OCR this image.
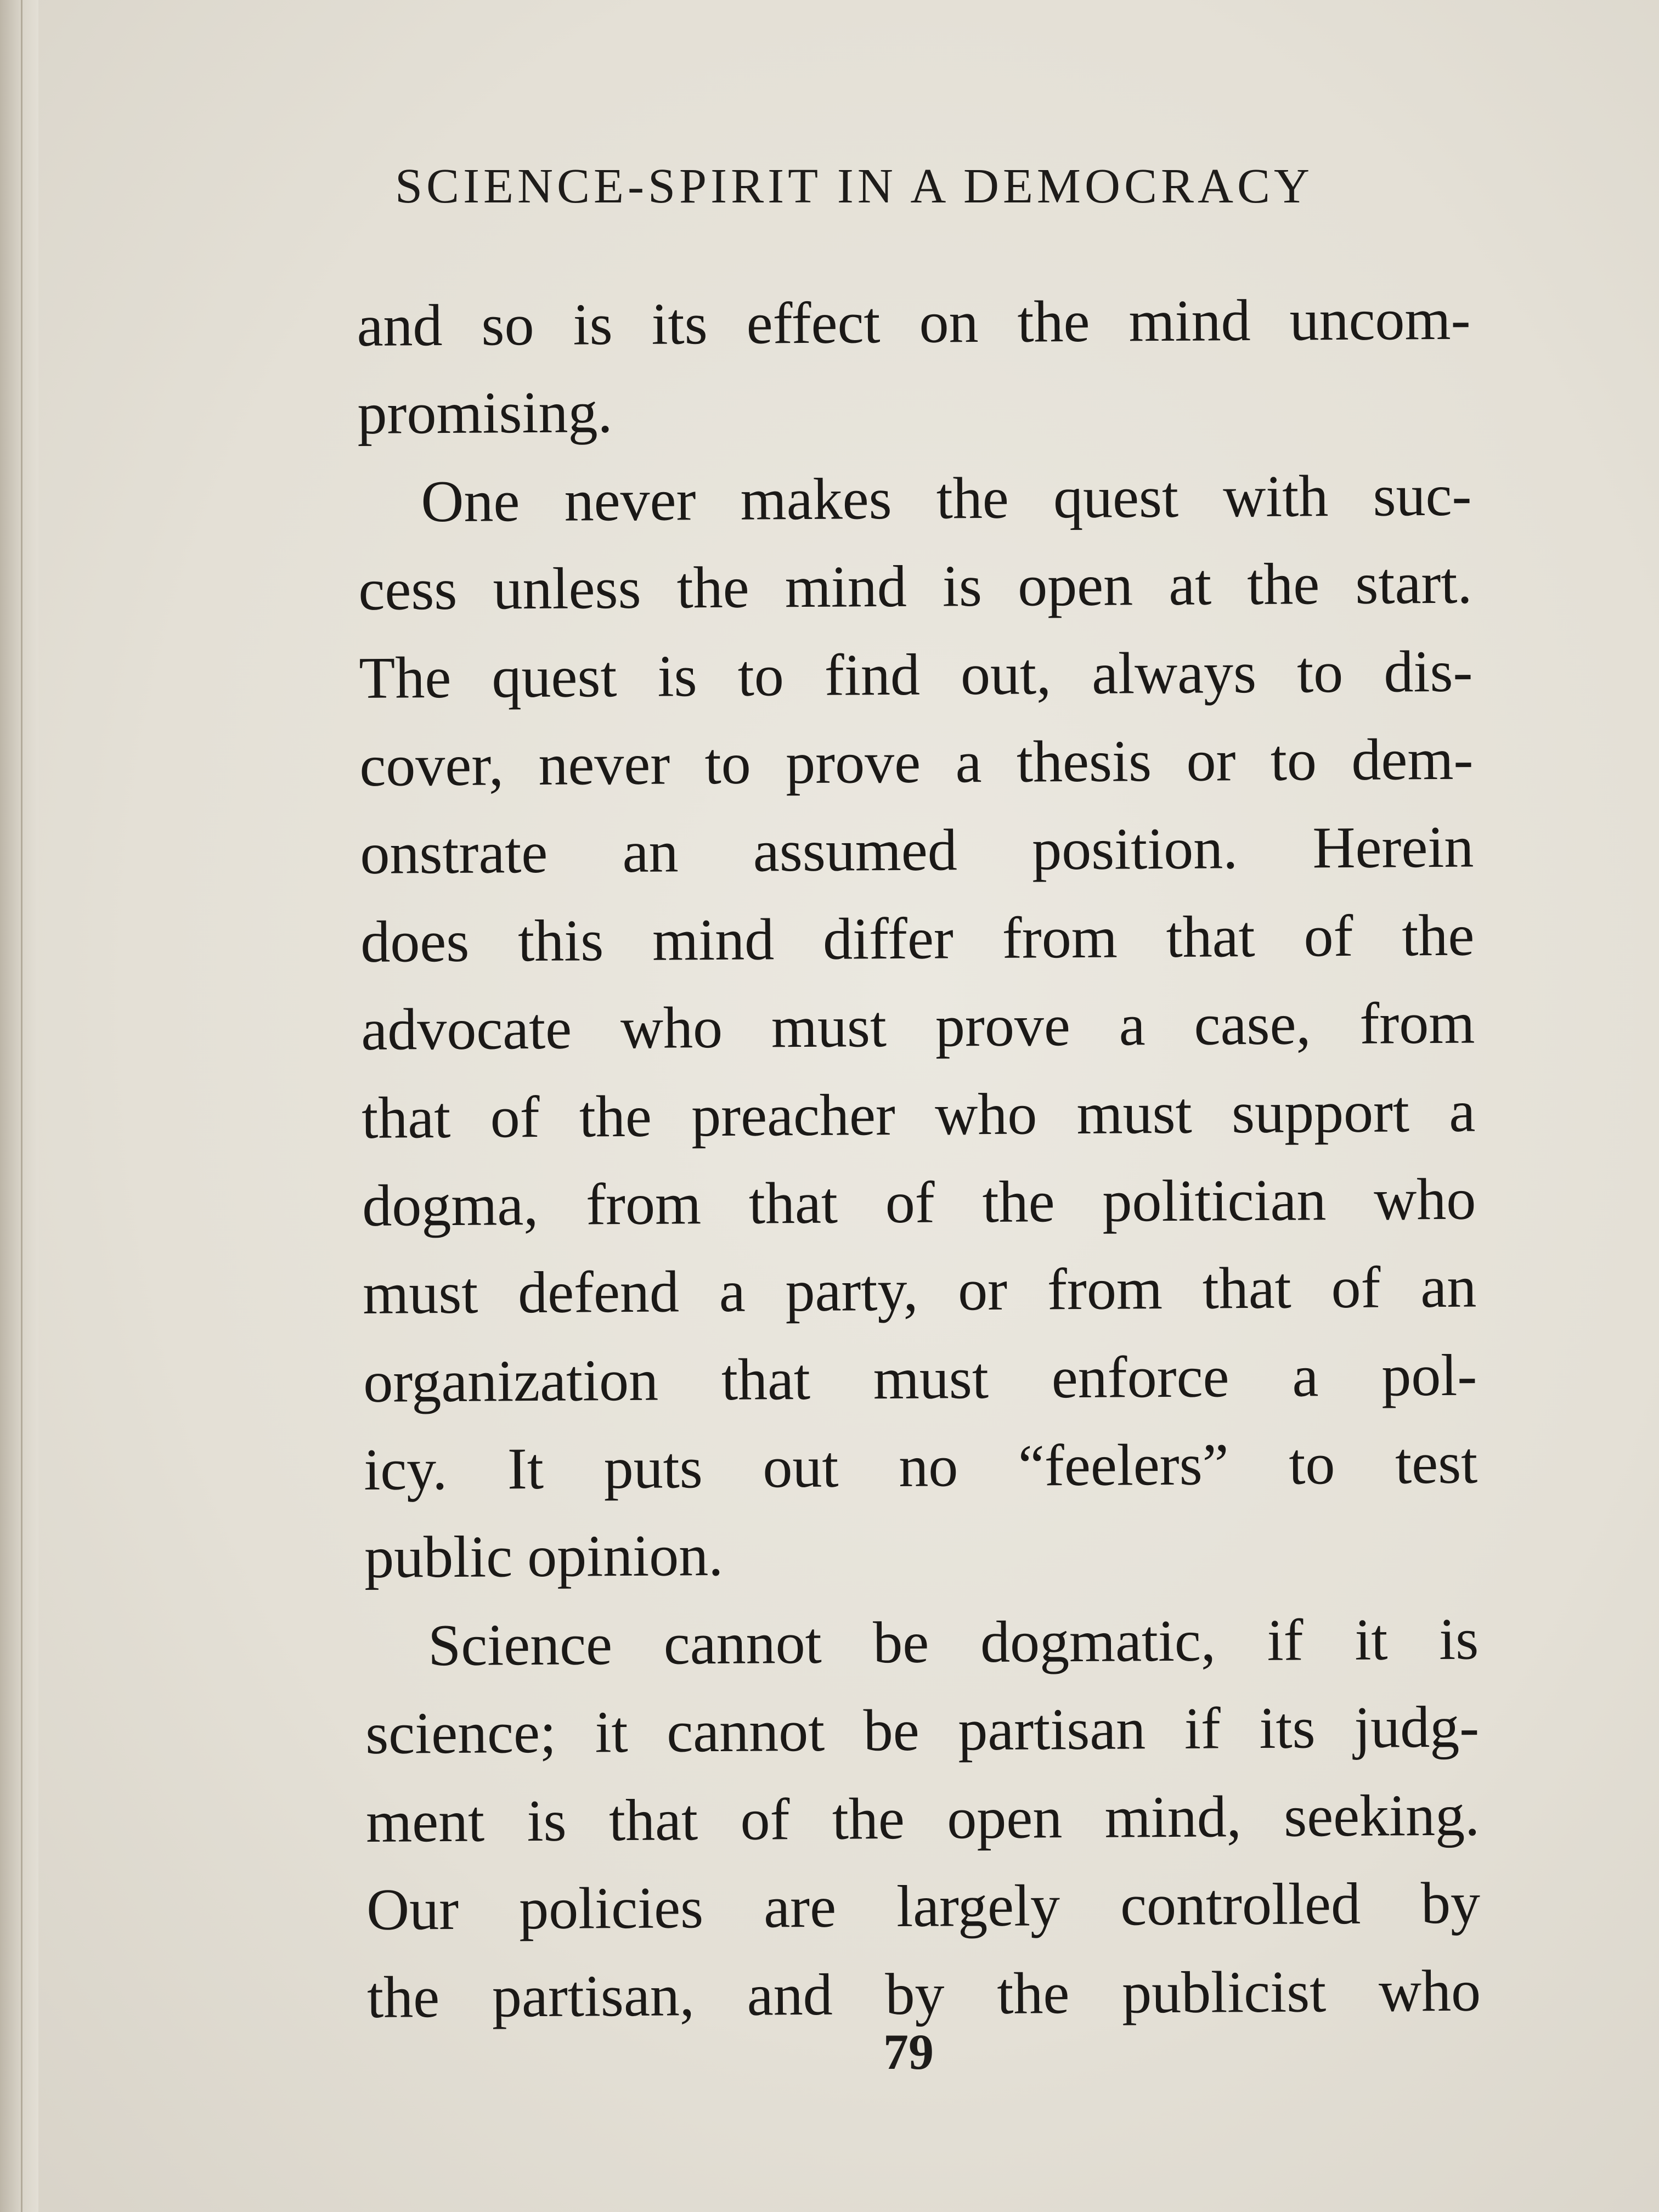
SCIENCE-SPIRIT IN A DEMOCRACY
and so is its effect on the mind uncom-
promising.
One never makes the quest with suc-
cess unless the mind is open at the start.
The quest is to find out, always to dis-
cover, never to prove a thesis or to dem-
onstrate an assumed position. Herein
does this mind differ from that of the
advocate who must prove a case, from
that of the preacher who must support a
dogma, from that of the politician who
must defend a party, or from that of an
organization that must enforce a pol-
icy. It puts out no “feelers” to test
public opinion.
Science cannot be dogmatic, if it is
science; it cannot be partisan if its judg-
ment is that of the open mind, seeking.
Our policies are largely controlled by
the partisan, and by the publicist who
79
